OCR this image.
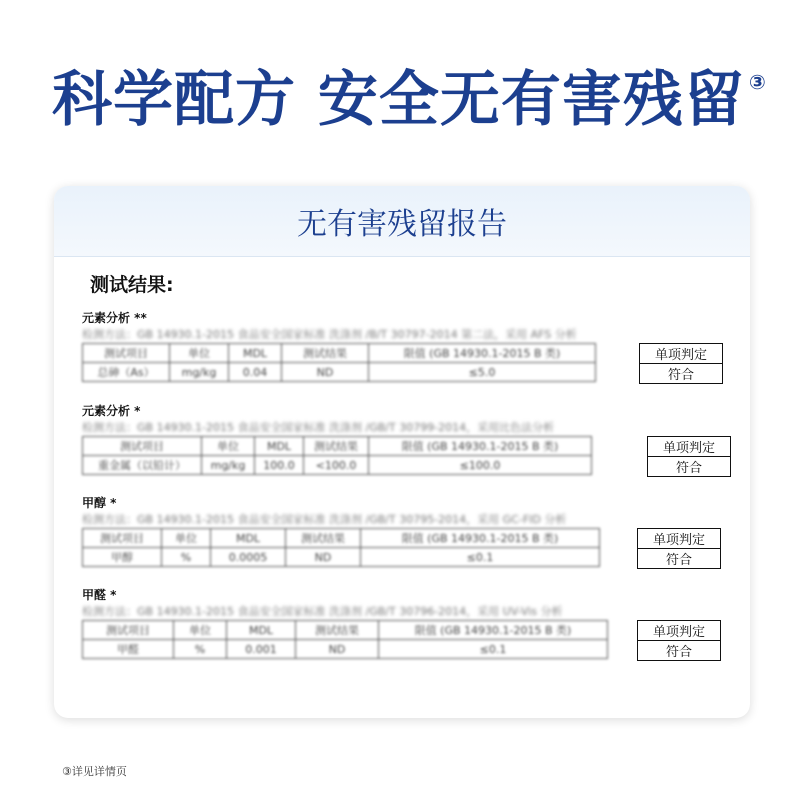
科学配方 安全无有害残留 ③
无有害残留报告
测试结果:
元素分析 **
检测方法：GB 14930.1-2015 食品安全国家标准 洗涤剂 /B/T 30797-2014 第二法，采用 AFS 分析
测试项目	单位	MDL	测试结果	限值 (GB 14930.1-2015 B 类)
总砷（As）	mg/kg	0.04	ND	≤5.0
单项判定
符合
元素分析 *
检测方法：GB 14930.1-2015 食品安全国家标准 洗涤剂 /GB/T 30799-2014，采用比色法分析
测试项目	单位	MDL	测试结果	限值 (GB 14930.1-2015 B 类)
重金属（以铅计）	mg/kg	100.0	<100.0	≤100.0
单项判定
符合
甲醇 *
检测方法：GB 14930.1-2015 食品安全国家标准 洗涤剂 /GB/T 30795-2014，采用 GC-FID 分析
测试项目	单位	MDL	测试结果	限值 (GB 14930.1-2015 B 类)
甲醇	%	0.0005	ND	≤0.1
单项判定
符合
甲醛 *
检测方法：GB 14930.1-2015 食品安全国家标准 洗涤剂 /GB/T 30796-2014，采用 UV-Vis 分析
测试项目	单位	MDL	测试结果	限值 (GB 14930.1-2015 B 类)
甲醛	%	0.001	ND	≤0.1
单项判定
符合
③详见详情页
